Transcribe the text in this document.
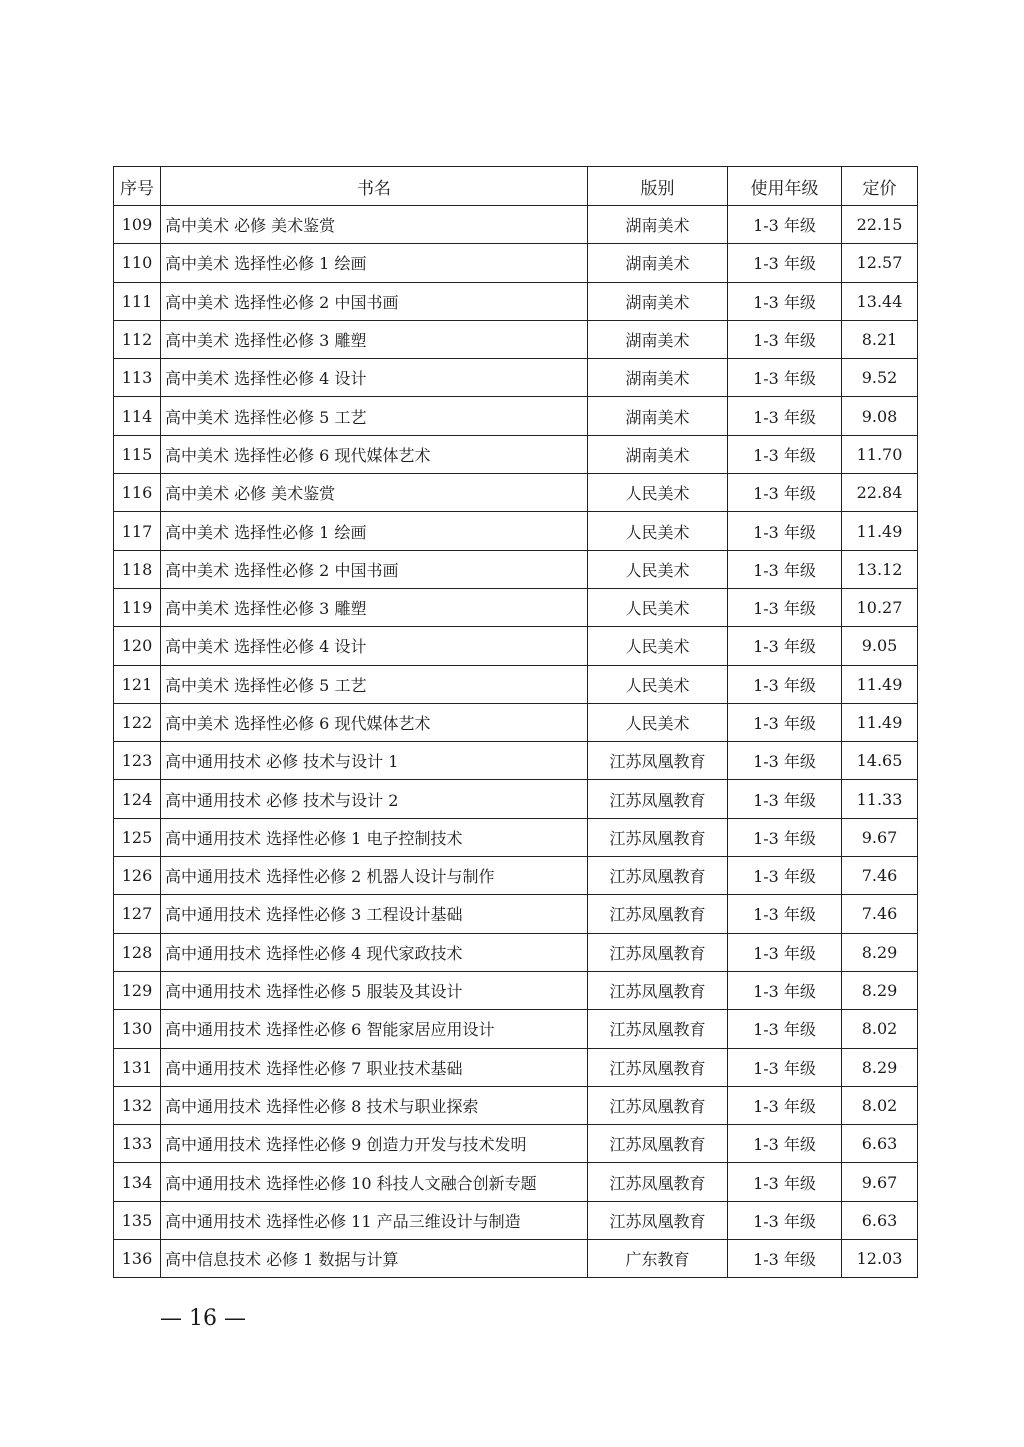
序号	书名	版别	使用年级	定价
109	高中美术 必修 美术鉴赏	湖南美术	1-3 年级	22.15
110	高中美术 选择性必修 1 绘画	湖南美术	1-3 年级	12.57
111	高中美术 选择性必修 2 中国书画	湖南美术	1-3 年级	13.44
112	高中美术 选择性必修 3 雕塑	湖南美术	1-3 年级	8.21
113	高中美术 选择性必修 4 设计	湖南美术	1-3 年级	9.52
114	高中美术 选择性必修 5 工艺	湖南美术	1-3 年级	9.08
115	高中美术 选择性必修 6 现代媒体艺术	湖南美术	1-3 年级	11.70
116	高中美术 必修 美术鉴赏	人民美术	1-3 年级	22.84
117	高中美术 选择性必修 1 绘画	人民美术	1-3 年级	11.49
118	高中美术 选择性必修 2 中国书画	人民美术	1-3 年级	13.12
119	高中美术 选择性必修 3 雕塑	人民美术	1-3 年级	10.27
120	高中美术 选择性必修 4 设计	人民美术	1-3 年级	9.05
121	高中美术 选择性必修 5 工艺	人民美术	1-3 年级	11.49
122	高中美术 选择性必修 6 现代媒体艺术	人民美术	1-3 年级	11.49
123	高中通用技术 必修 技术与设计 1	江苏凤凰教育	1-3 年级	14.65
124	高中通用技术 必修 技术与设计 2	江苏凤凰教育	1-3 年级	11.33
125	高中通用技术 选择性必修 1 电子控制技术	江苏凤凰教育	1-3 年级	9.67
126	高中通用技术 选择性必修 2 机器人设计与制作	江苏凤凰教育	1-3 年级	7.46
127	高中通用技术 选择性必修 3 工程设计基础	江苏凤凰教育	1-3 年级	7.46
128	高中通用技术 选择性必修 4 现代家政技术	江苏凤凰教育	1-3 年级	8.29
129	高中通用技术 选择性必修 5 服装及其设计	江苏凤凰教育	1-3 年级	8.29
130	高中通用技术 选择性必修 6 智能家居应用设计	江苏凤凰教育	1-3 年级	8.02
131	高中通用技术 选择性必修 7 职业技术基础	江苏凤凰教育	1-3 年级	8.29
132	高中通用技术 选择性必修 8 技术与职业探索	江苏凤凰教育	1-3 年级	8.02
133	高中通用技术 选择性必修 9 创造力开发与技术发明	江苏凤凰教育	1-3 年级	6.63
134	高中通用技术 选择性必修 10 科技人文融合创新专题	江苏凤凰教育	1-3 年级	9.67
135	高中通用技术 选择性必修 11 产品三维设计与制造	江苏凤凰教育	1-3 年级	6.63
136	高中信息技术 必修 1 数据与计算	广东教育	1-3 年级	12.03
— 16 —
